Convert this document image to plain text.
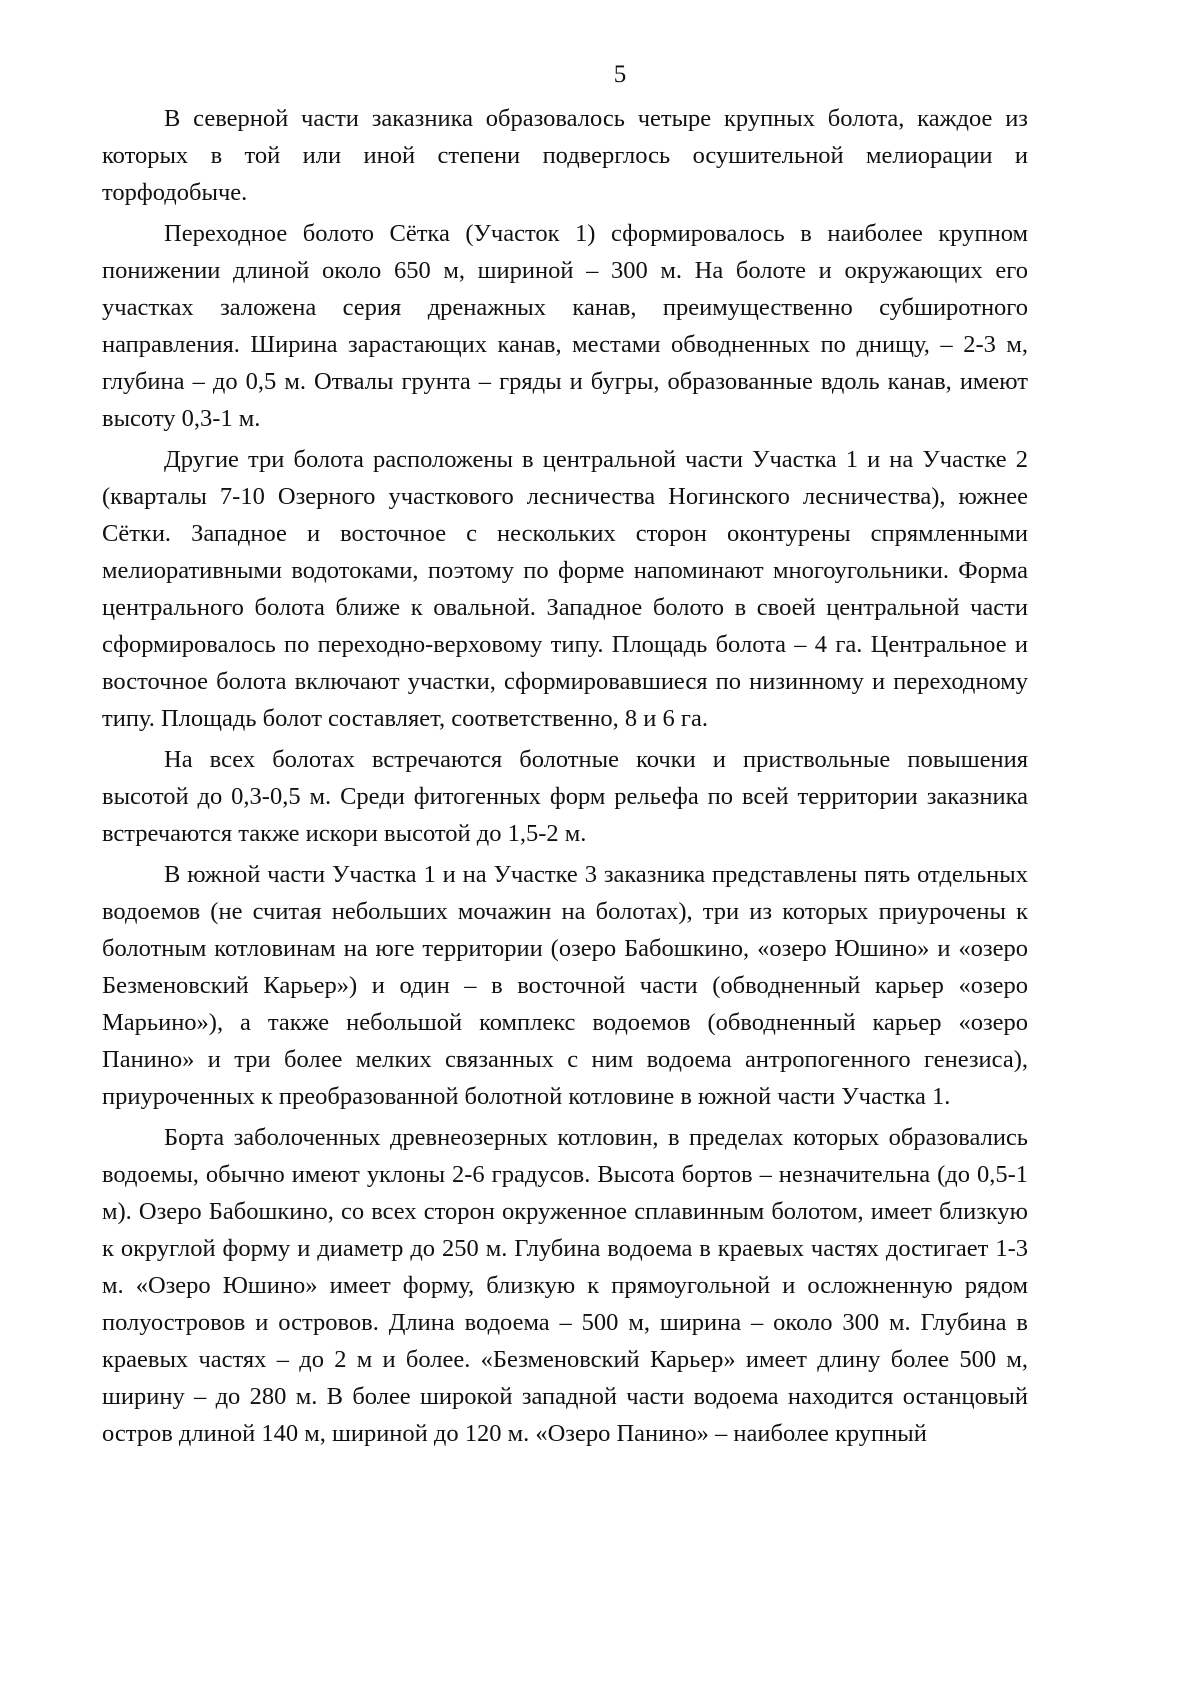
5

В северной части заказника образовалось четыре крупных болота, каждое из которых в той или иной степени подверглось осушительной мелиорации и торфодобыче.

Переходное болото Сётка (Участок 1) сформировалось в наиболее крупном понижении длиной около 650 м, шириной – 300 м. На болоте и окружающих его участках заложена серия дренажных канав, преимущественно субширотного направления. Ширина зарастающих канав, местами обводненных по днищу, – 2-3 м, глубина – до 0,5 м. Отвалы грунта – гряды и бугры, образованные вдоль канав, имеют высоту 0,3-1 м.

Другие три болота расположены в центральной части Участка 1 и на Участке 2 (кварталы 7-10 Озерного участкового лесничества Ногинского лесничества), южнее Сётки. Западное и восточное с нескольких сторон оконтурены спрямленными мелиоративными водотоками, поэтому по форме напоминают многоугольники. Форма центрального болота ближе к овальной. Западное болото в своей центральной части сформировалось по переходно-верховому типу. Площадь болота – 4 га. Центральное и восточное болота включают участки, сформировавшиеся по низинному и переходному типу. Площадь болот составляет, соответственно, 8 и 6 га.

На всех болотах встречаются болотные кочки и приствольные повышения высотой до 0,3-0,5 м. Среди фитогенных форм рельефа по всей территории заказника встречаются также искори высотой до 1,5-2 м.

В южной части Участка 1 и на Участке 3 заказника представлены пять отдельных водоемов (не считая небольших мочажин на болотах), три из которых приурочены к болотным котловинам на юге территории (озеро Бабошкино, «озеро Юшино» и «озеро Безменовский Карьер») и один – в восточной части (обводненный карьер «озеро Марьино»), а также небольшой комплекс водоемов (обводненный карьер «озеро Панино» и три более мелких связанных с ним водоема антропогенного генезиса), приуроченных к преобразованной болотной котловине в южной части Участка 1.

Борта заболоченных древнеозерных котловин, в пределах которых образовались водоемы, обычно имеют уклоны 2-6 градусов. Высота бортов – незначительна (до 0,5-1 м). Озеро Бабошкино, со всех сторон окруженное сплавинным болотом, имеет близкую к округлой форму и диаметр до 250 м. Глубина водоема в краевых частях достигает 1-3 м. «Озеро Юшино» имеет форму, близкую к прямоугольной и осложненную рядом полуостровов и островов. Длина водоема – 500 м, ширина – около 300 м. Глубина в краевых частях – до 2 м и более. «Безменовский Карьер» имеет длину более 500 м, ширину – до 280 м. В более широкой западной части водоема находится останцовый остров длиной 140 м, шириной до 120 м. «Озеро Панино» – наиболее крупный
